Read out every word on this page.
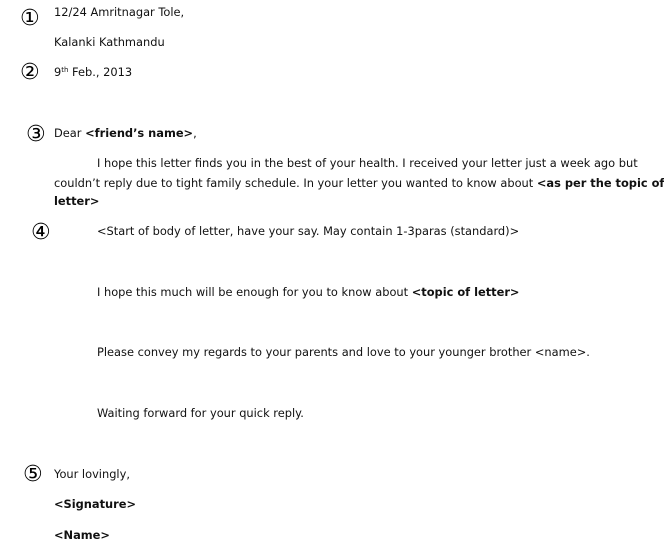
①
②
③
④
⑤
12/24 Amritnagar Tole,
Kalanki Kathmandu
9th Feb., 2013
Dear <friend’s name>,
I hope this letter finds you in the best of your health. I received your letter just a week ago but
couldn’t reply due to tight family schedule. In your letter you wanted to know about <as per the topic of
letter>
<Start of body of letter, have your say. May contain 1-3paras (standard)>
I hope this much will be enough for you to know about <topic of letter>
Please convey my regards to your parents and love to your younger brother <name>.
Waiting forward for your quick reply.
Your lovingly,
<Signature>
<Name>
